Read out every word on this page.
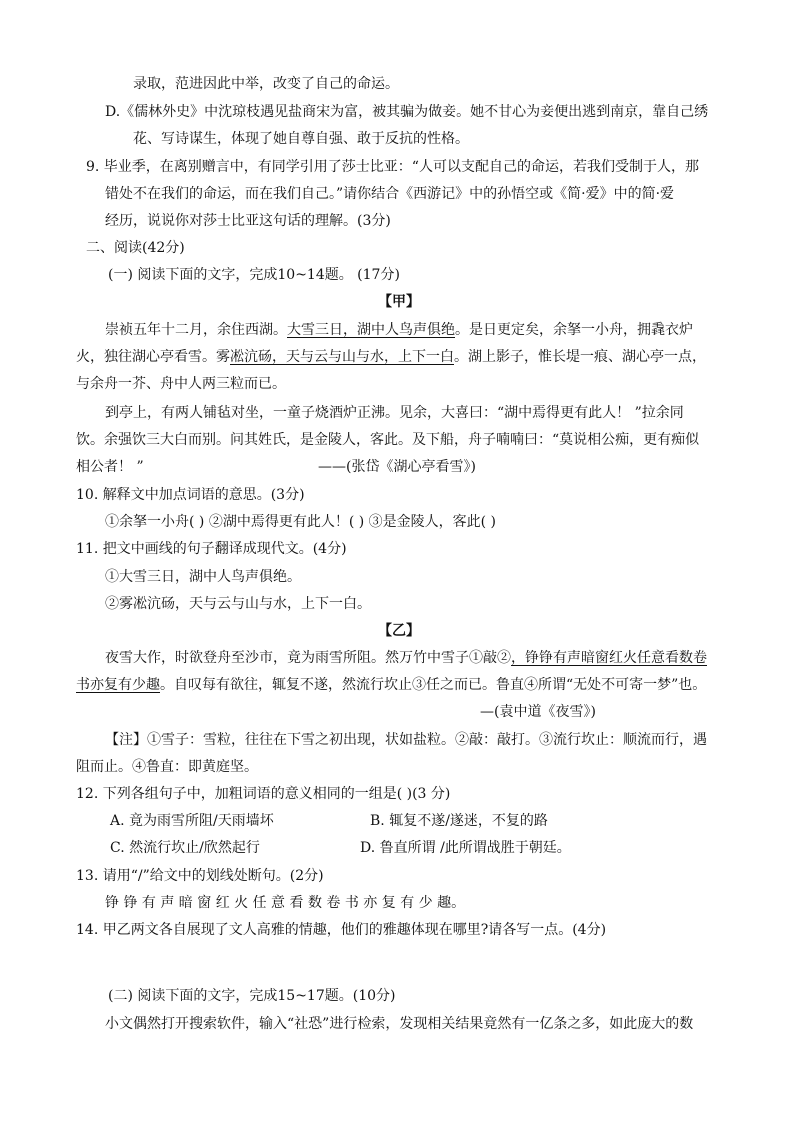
录取，范进因此中举，改变了自己的命运。
D.《儒林外史》中沈琼枝遇见盐商宋为富，被其骗为做妾。她不甘心为妾便出逃到南京，靠自己绣
花、写诗谋生，体现了她自尊自强、敢于反抗的性格。
9. 毕业季，在离别赠言中，有同学引用了莎士比亚：“人可以支配自己的命运，若我们受制于人，那
错处不在我们的命运，而在我们自己。”请你结合《西游记》中的孙悟空或《简·爱》中的简·爱
经历，说说你对莎士比亚这句话的理解。(3分)
二、阅读(42分)
(一) 阅读下面的文字，完成10~14题。 (17分)
【甲】
崇祯五年十二月，余住西湖。大雪三日，湖中人鸟声俱绝。是日更定矣，余拏一小舟，拥毳衣炉
火，独往湖心亭看雪。雾凇沆砀，天与云与山与水，上下一白。湖上影子，惟长堤一痕、湖心亭一点，
与余舟一芥、舟中人两三粒而已。
到亭上，有两人铺毡对坐，一童子烧酒炉正沸。见余，大喜曰：“湖中焉得更有此人！ ”拉余同
饮。余强饮三大白而别。问其姓氏，是金陵人，客此。及下船，舟子喃喃曰：“莫说相公痴，更有痴似
相公者！ ”	——(张岱《湖心亭看雪》)
10. 解释文中加点词语的意思。(3分)
①余拏一小舟( ) ②湖中焉得更有此人！( ) ③是金陵人，客此( )
11. 把文中画线的句子翻译成现代文。(4分)
①大雪三日，湖中人鸟声俱绝。
②雾凇沆砀，天与云与山与水，上下一白。
【乙】
夜雪大作，时欲登舟至沙市，竟为雨雪所阻。然万竹中雪子①敲②，铮铮有声暗窗红火任意看数卷
书亦复有少趣。自叹每有欲往，辄复不遂，然流行坎止③任之而已。鲁直④所谓“无处不可寄一梦”也。
—(袁中道《夜雪》)
【注】①雪子：雪粒，往往在下雪之初出现，状如盐粒。②敲：敲打。③流行坎止：顺流而行，遇
阻而止。④鲁直：即黄庭坚。
12. 下列各组句子中，加粗词语的意义相同的一组是( )(3 分)
A. 竟为雨雪所阻/天雨墙坏	B. 辄复不遂/遂迷，不复的路
C. 然流行坎止/欣然起行	D. 鲁直所谓 /此所谓战胜于朝廷。
13. 请用“/”给文中的划线处断句。(2分)
铮 铮 有 声 暗 窗 红 火 任 意 看 数 卷 书 亦 复 有 少 趣。
14. 甲乙两文各自展现了文人高雅的情趣，他们的雅趣体现在哪里?请各写一点。(4分)
(二) 阅读下面的文字，完成15~17题。(10分)
小文偶然打开搜索软件，输入“社恐”进行检索，发现相关结果竟然有一亿条之多，如此庞大的数
